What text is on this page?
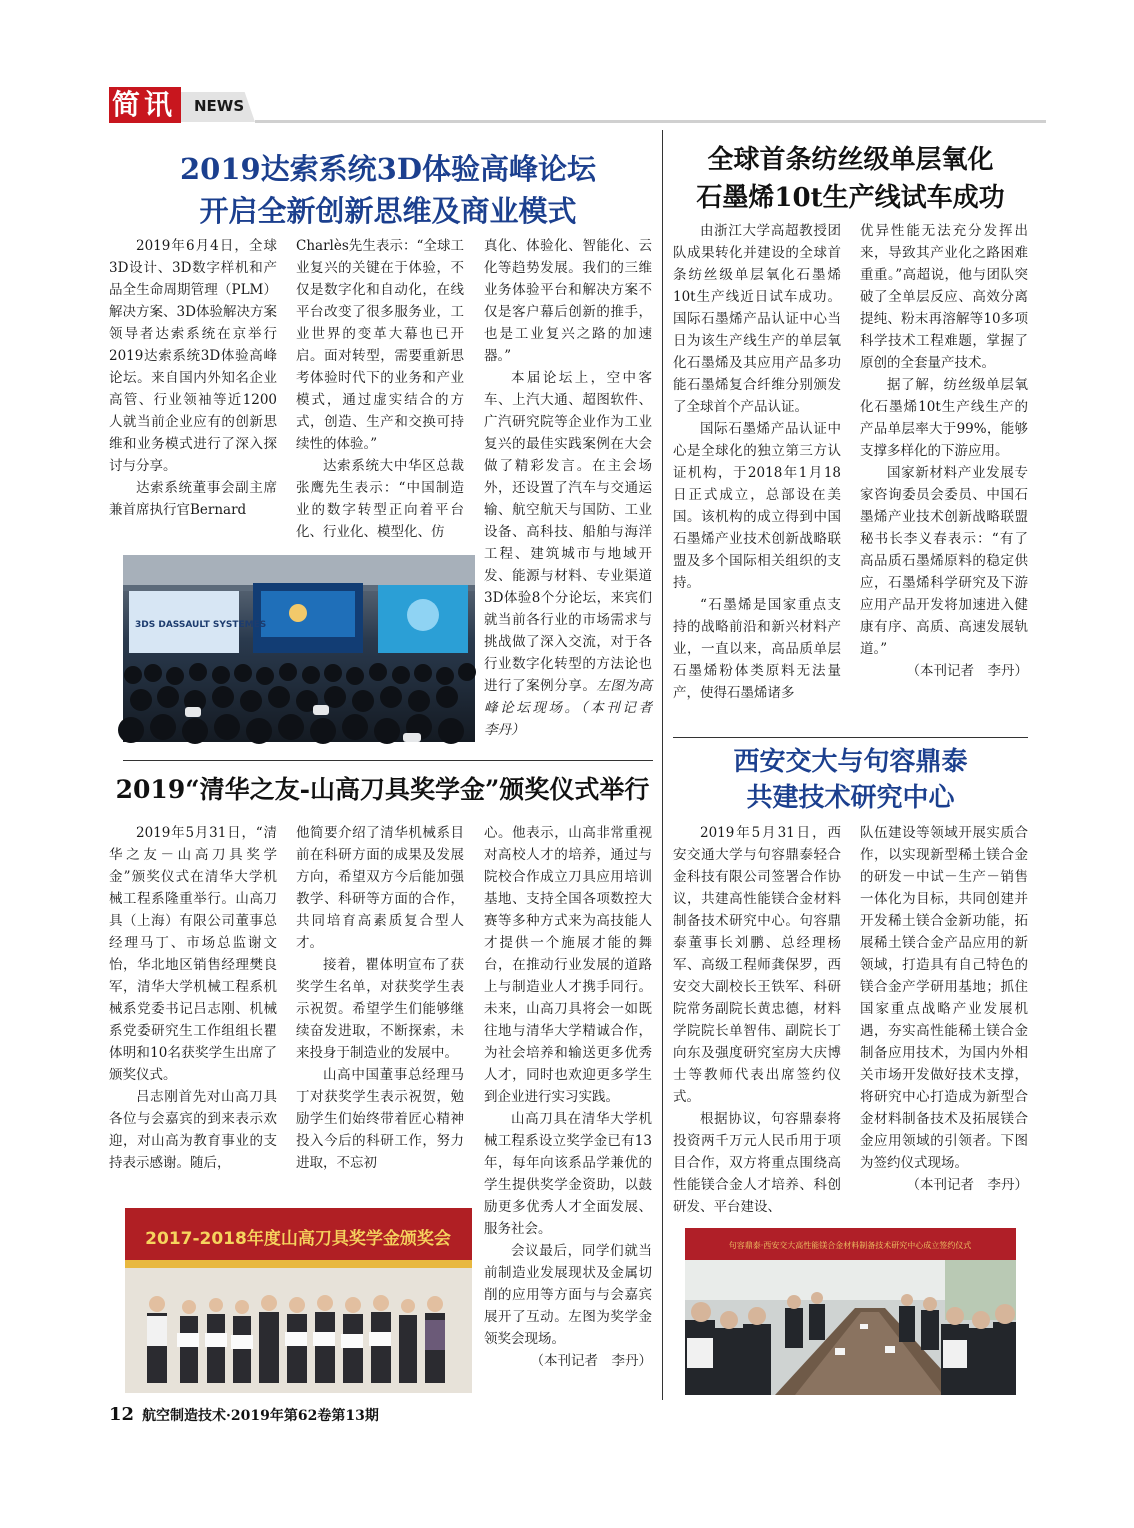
简讯 NEWS
2019达索系统3D体验高峰论坛
开启全新创新思维及商业模式

2019年6月4日，全球3D设计、3D数字样机和产品全生命周期管理（PLM）解决方案、3D体验解决方案领导者达索系统在京举行2019达索系统3D体验高峰论坛。来自国内外知名企业高管、行业领袖等近1200人就当前企业应有的创新思维和业务模式进行了深入探讨与分享。

达索系统董事会副主席兼首席执行官Bernard

Charlès先生表示：“全球工业复兴的关键在于体验，不仅是数字化和自动化，在线平台改变了很多服务业，工业世界的变革大幕也已开启。面对转型，需要重新思考体验时代下的业务和产业模式，通过虚实结合的方式，创造、生产和交换可持续性的体验。”

达索系统大中华区总裁张鹰先生表示：“中国制造业的数字转型正向着平台化、行业化、模型化、仿

真化、体验化、智能化、云化等趋势发展。我们的三维业务体验平台和解决方案不仅是客户幕后创新的推手，也是工业复兴之路的加速器。”

本届论坛上，空中客车、上汽大通、超图软件、广汽研究院等企业作为工业复兴的最佳实践案例在大会做了精彩发言。在主会场外，还设置了汽车与交通运输、航空航天与国防、工业设备、高科技、船舶与海洋工程、建筑城市与地域开发、能源与材料、专业渠道3D体验8个分论坛，来宾们就当前各行业的市场需求与挑战做了深入交流，对于各行业数字化转型的方法论也进行了案例分享。左图为高峰论坛现场。（本刊记者　李丹）

3DS DASSAULT SYSTEMES
2019“清华之友-山高刀具奖学金”颁奖仪式举行

2019年5月31日，“清华之友－山高刀具奖学金”颁奖仪式在清华大学机械工程系隆重举行。山高刀具（上海）有限公司董事总经理马丁、市场总监谢文怡，华北地区销售经理樊良军，清华大学机械工程系机械系党委书记吕志刚、机械系党委研究生工作组组长瞿体明和10名获奖学生出席了颁奖仪式。

吕志刚首先对山高刀具各位与会嘉宾的到来表示欢迎，对山高为教育事业的支持表示感谢。随后，

他简要介绍了清华机械系目前在科研方面的成果及发展方向，希望双方今后能加强教学、科研等方面的合作，共同培育高素质复合型人才。

接着，瞿体明宣布了获奖学生名单，对获奖学生表示祝贺。希望学生们能够继续奋发进取，不断探索，未来投身于制造业的发展中。

山高中国董事总经理马丁对获奖学生表示祝贺，勉励学生们始终带着匠心精神投入今后的科研工作，努力进取，不忘初

心。他表示，山高非常重视对高校人才的培养，通过与院校合作成立刀具应用培训基地、支持全国各项数控大赛等多种方式来为高技能人才提供一个施展才能的舞台，在推动行业发展的道路上与制造业人才携手同行。未来，山高刀具将会一如既往地与清华大学精诚合作，为社会培养和输送更多优秀人才，同时也欢迎更多学生到企业进行实习实践。

山高刀具在清华大学机械工程系设立奖学金已有13年，每年向该系品学兼优的学生提供奖学金资助，以鼓励更多优秀人才全面发展、服务社会。

会议最后，同学们就当前制造业发展现状及金属切削的应用等方面与与会嘉宾展开了互动。左图为奖学金领奖会现场。

（本刊记者　李丹）

2017-2018年度山高刀具奖学金颁奖会
全球首条纺丝级单层氧化
石墨烯10t生产线试车成功

由浙江大学高超教授团队成果转化并建设的全球首条纺丝级单层氧化石墨烯10t生产线近日试车成功。国际石墨烯产品认证中心当日为该生产线生产的单层氧化石墨烯及其应用产品多功能石墨烯复合纤维分别颁发了全球首个产品认证。

国际石墨烯产品认证中心是全球化的独立第三方认证机构，于2018年1月18日正式成立，总部设在美国。该机构的成立得到中国石墨烯产业技术创新战略联盟及多个国际相关组织的支持。

“石墨烯是国家重点支持的战略前沿和新兴材料产业，一直以来，高品质单层石墨烯粉体类原料无法量产，使得石墨烯诸多

优异性能无法充分发挥出来，导致其产业化之路困难重重。”高超说，他与团队突破了全单层反应、高效分离提纯、粉末再溶解等10多项科学技术工程难题，掌握了原创的全套量产技术。

据了解，纺丝级单层氧化石墨烯10t生产线生产的产品单层率大于99%，能够支撑多样化的下游应用。

国家新材料产业发展专家咨询委员会委员、中国石墨烯产业技术创新战略联盟秘书长李义春表示：“有了高品质石墨烯原料的稳定供应，石墨烯科学研究及下游应用产品开发将加速进入健康有序、高质、高速发展轨道。”

（本刊记者　李丹）

西安交大与句容鼎泰
共建技术研究中心

2019年5月31日，西安交通大学与句容鼎泰轻合金科技有限公司签署合作协议，共建高性能镁合金材料制备技术研究中心。句容鼎泰董事长刘鹏、总经理杨军、高级工程师龚保罗，西安交大副校长王铁军、科研院常务副院长黄忠德，材料学院院长单智伟、副院长丁向东及强度研究室房大庆博士等教师代表出席签约仪式。

根据协议，句容鼎泰将投资两千万元人民币用于项目合作，双方将重点围绕高性能镁合金人才培养、科创研发、平台建设、

队伍建设等领域开展实质合作，以实现新型稀土镁合金的研发－中试－生产－销售一体化为目标，共同创建并开发稀土镁合金新功能，拓展稀土镁合金产品应用的新领域，打造具有自己特色的镁合金产学研用基地；抓住国家重点战略产业发展机遇，夯实高性能稀土镁合金制备应用技术，为国内外相关市场开发做好技术支撑，将研究中心打造成为新型合金材料制备技术及拓展镁合金应用领域的引领者。下图为签约仪式现场。

（本刊记者　李丹）

句容鼎泰·西安交大高性能镁合金材料制备技术研究中心成立签约仪式
12 航空制造技术·2019年第62卷第13期
